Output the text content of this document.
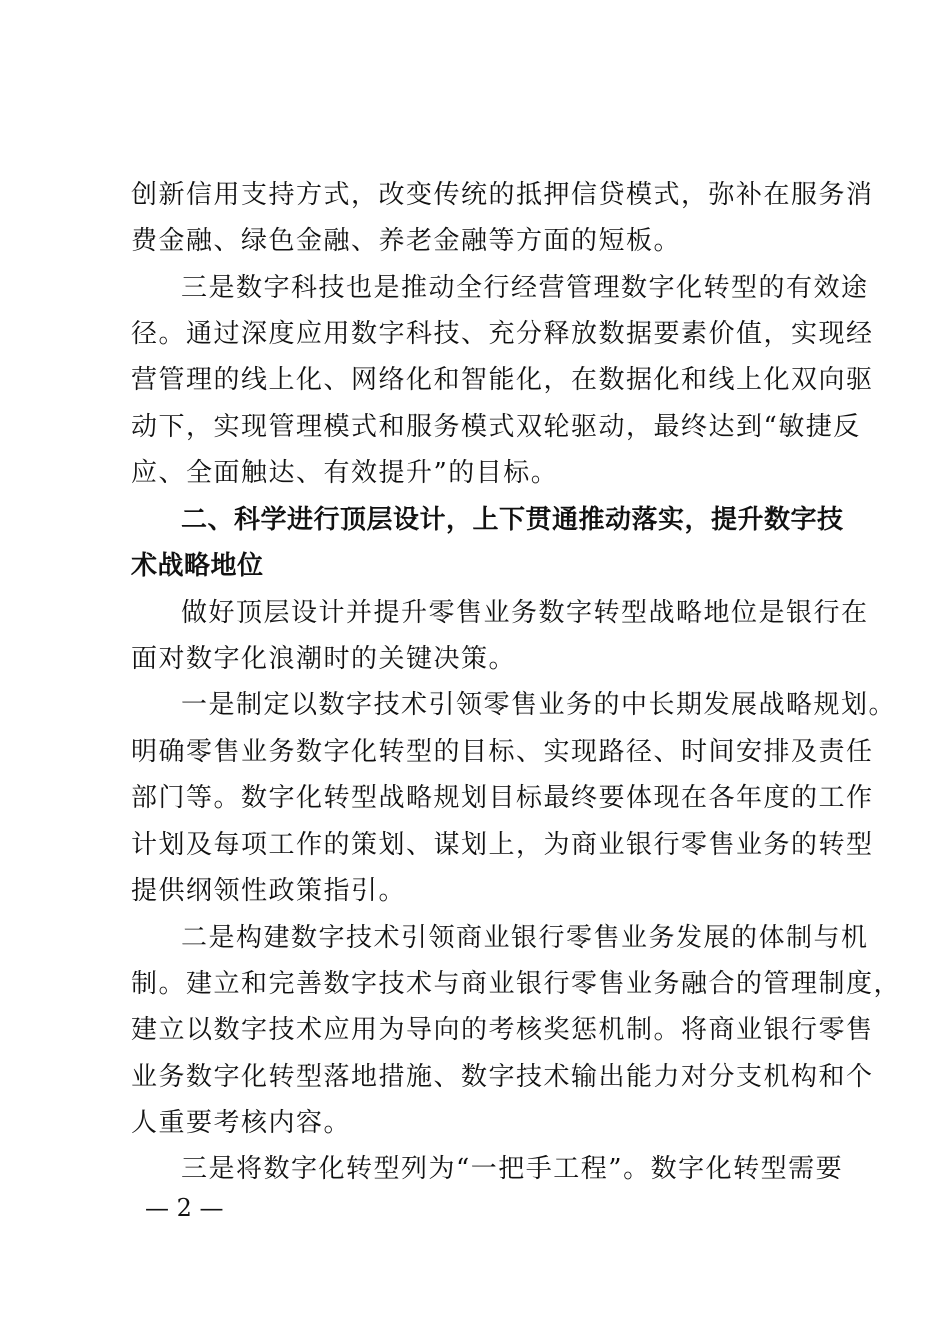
创新信用支持方式，改变传统的抵押信贷模式，弥补在服务消
费金融、绿色金融、养老金融等方面的短板。
三是数字科技也是推动全行经营管理数字化转型的有效途
径。通过深度应用数字科技、充分释放数据要素价值，实现经
营管理的线上化、网络化和智能化，在数据化和线上化双向驱
动下，实现管理模式和服务模式双轮驱动，最终达到“敏捷反
应、全面触达、有效提升”的目标。
二、科学进行顶层设计，上下贯通推动落实，提升数字技
术战略地位
做好顶层设计并提升零售业务数字转型战略地位是银行在
面对数字化浪潮时的关键决策。
一是制定以数字技术引领零售业务的中长期发展战略规划。
明确零售业务数字化转型的目标、实现路径、时间安排及责任
部门等。数字化转型战略规划目标最终要体现在各年度的工作
计划及每项工作的策划、谋划上，为商业银行零售业务的转型
提供纲领性政策指引。
二是构建数字技术引领商业银行零售业务发展的体制与机
制。建立和完善数字技术与商业银行零售业务融合的管理制度，
建立以数字技术应用为导向的考核奖惩机制。将商业银行零售
业务数字化转型落地措施、数字技术输出能力对分支机构和个
人重要考核内容。
三是将数字化转型列为“一把手工程”。数字化转型需要
— 2 —
